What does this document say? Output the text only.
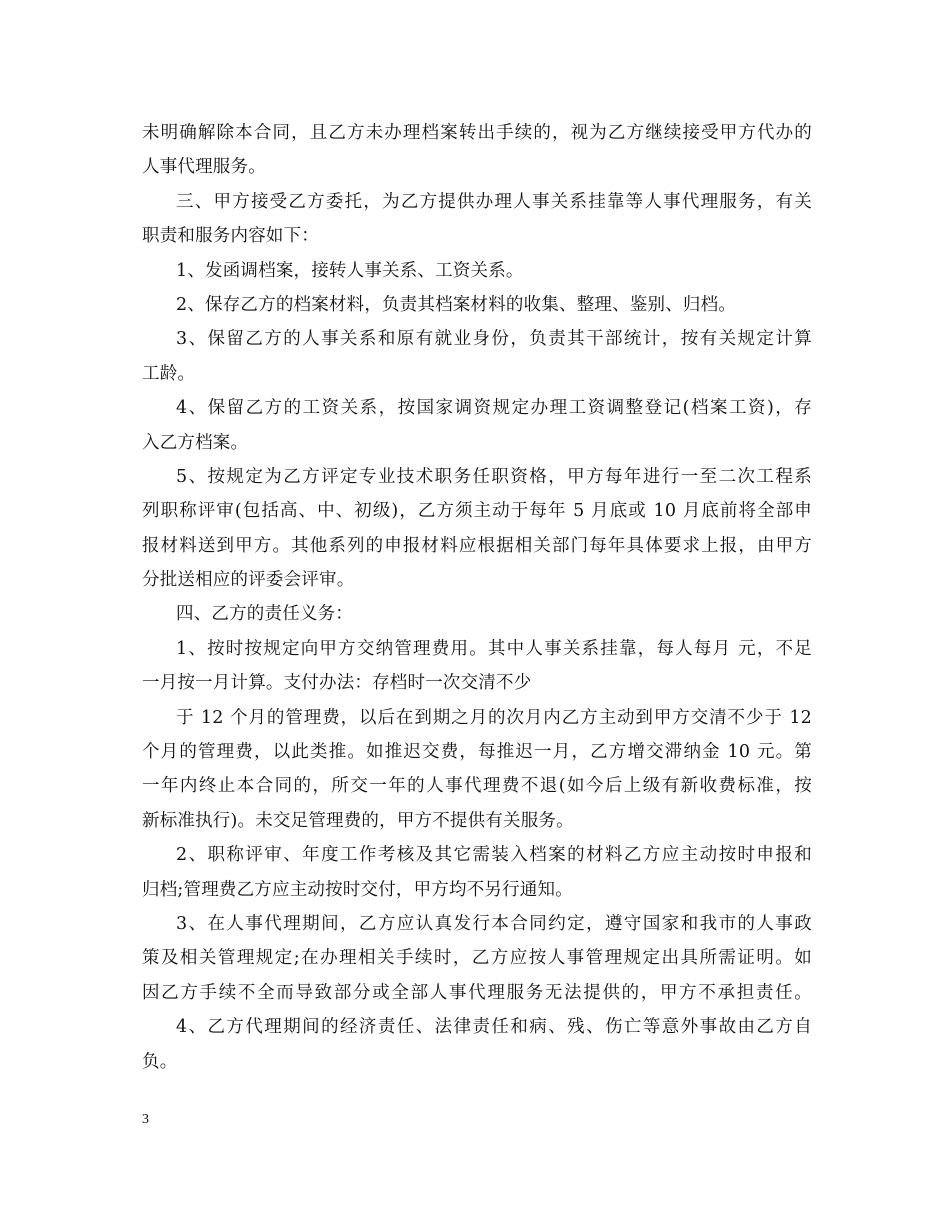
未明确解除本合同，且乙方未办理档案转出手续的，视为乙方继续接受甲方代办的
人事代理服务。
三、甲方接受乙方委托，为乙方提供办理人事关系挂靠等人事代理服务，有关
职责和服务内容如下：
1、发函调档案，接转人事关系、工资关系。
2、保存乙方的档案材料，负责其档案材料的收集、整理、鉴别、归档。
3、保留乙方的人事关系和原有就业身份，负责其干部统计，按有关规定计算
工龄。
4、保留乙方的工资关系，按国家调资规定办理工资调整登记(档案工资)，存
入乙方档案。
5、按规定为乙方评定专业技术职务任职资格，甲方每年进行一至二次工程系
列职称评审(包括高、中、初级)，乙方须主动于每年 5 月底或 10 月底前将全部申
报材料送到甲方。其他系列的申报材料应根据相关部门每年具体要求上报，由甲方
分批送相应的评委会评审。
四、乙方的责任义务：
1、按时按规定向甲方交纳管理费用。其中人事关系挂靠，每人每月 元，不足
一月按一月计算。支付办法：存档时一次交清不少
于 12 个月的管理费，以后在到期之月的次月内乙方主动到甲方交清不少于 12
个月的管理费，以此类推。如推迟交费，每推迟一月，乙方增交滞纳金 10 元。第
一年内终止本合同的，所交一年的人事代理费不退(如今后上级有新收费标准，按
新标准执行)。未交足管理费的，甲方不提供有关服务。
2、职称评审、年度工作考核及其它需装入档案的材料乙方应主动按时申报和
归档;管理费乙方应主动按时交付，甲方均不另行通知。
3、在人事代理期间，乙方应认真发行本合同约定，遵守国家和我市的人事政
策及相关管理规定;在办理相关手续时，乙方应按人事管理规定出具所需证明。如
因乙方手续不全而导致部分或全部人事代理服务无法提供的，甲方不承担责任。
4、乙方代理期间的经济责任、法律责任和病、残、伤亡等意外事故由乙方自
负。
3
